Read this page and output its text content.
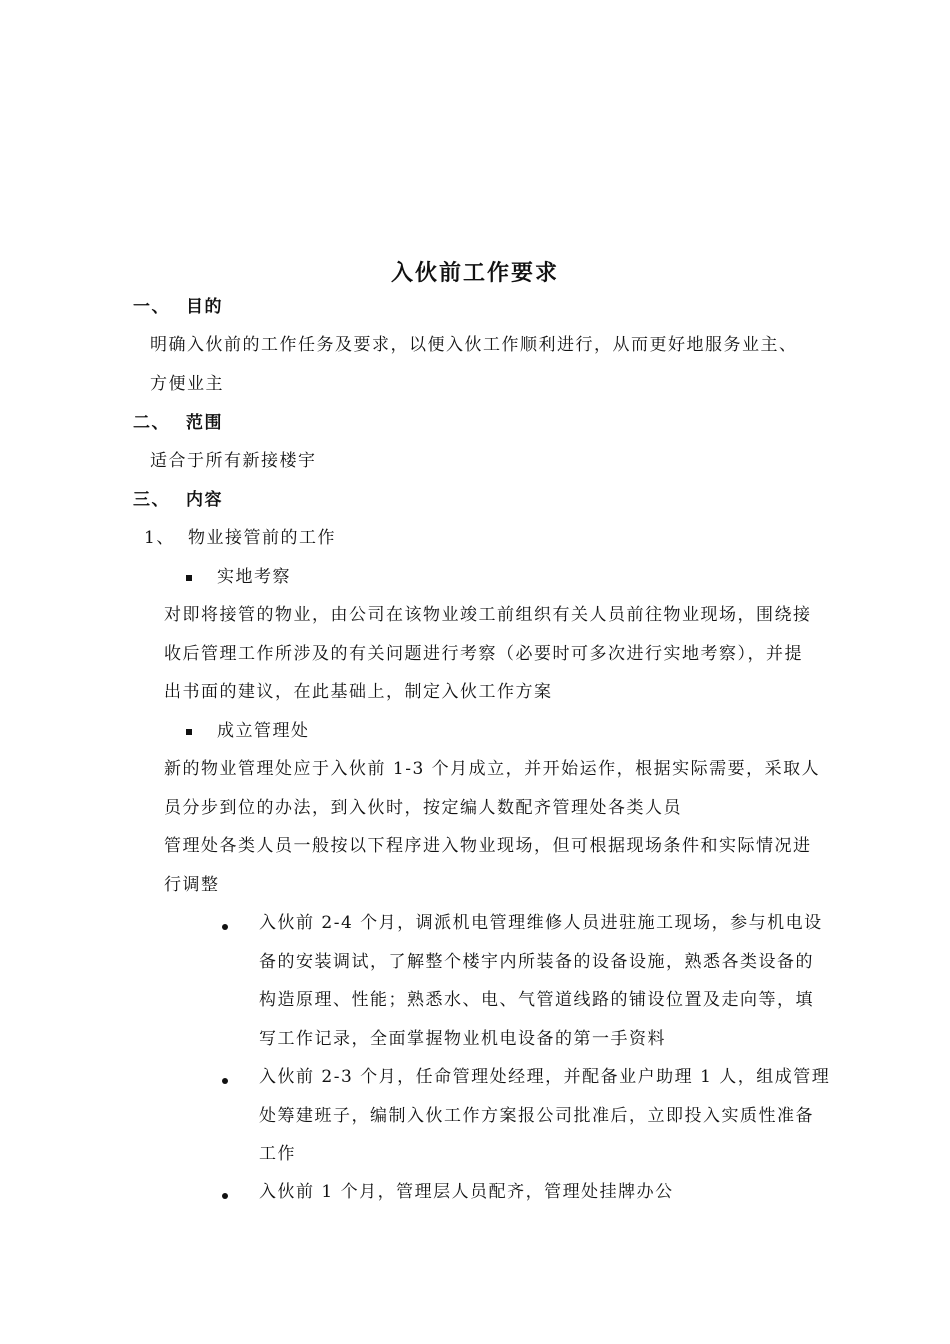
入伙前工作要求
一、 目的
明确入伙前的工作任务及要求，以便入伙工作顺利进行，从而更好地服务业主、
方便业主
二、 范围
适合于所有新接楼宇
三、 内容
1、 物业接管前的工作
实地考察
对即将接管的物业，由公司在该物业竣工前组织有关人员前往物业现场，围绕接
收后管理工作所涉及的有关问题进行考察（必要时可多次进行实地考察），并提
出书面的建议，在此基础上，制定入伙工作方案
成立管理处
新的物业管理处应于入伙前 1-3 个月成立，并开始运作，根据实际需要，采取人
员分步到位的办法，到入伙时，按定编人数配齐管理处各类人员
管理处各类人员一般按以下程序进入物业现场，但可根据现场条件和实际情况进
行调整
入伙前 2-4 个月，调派机电管理维修人员进驻施工现场，参与机电设
备的安装调试，了解整个楼宇内所装备的设备设施，熟悉各类设备的
构造原理、性能；熟悉水、电、气管道线路的铺设位置及走向等，填
写工作记录，全面掌握物业机电设备的第一手资料
入伙前 2-3 个月，任命管理处经理，并配备业户助理 1 人，组成管理
处筹建班子，编制入伙工作方案报公司批准后，立即投入实质性准备
工作
入伙前 1 个月，管理层人员配齐，管理处挂牌办公
